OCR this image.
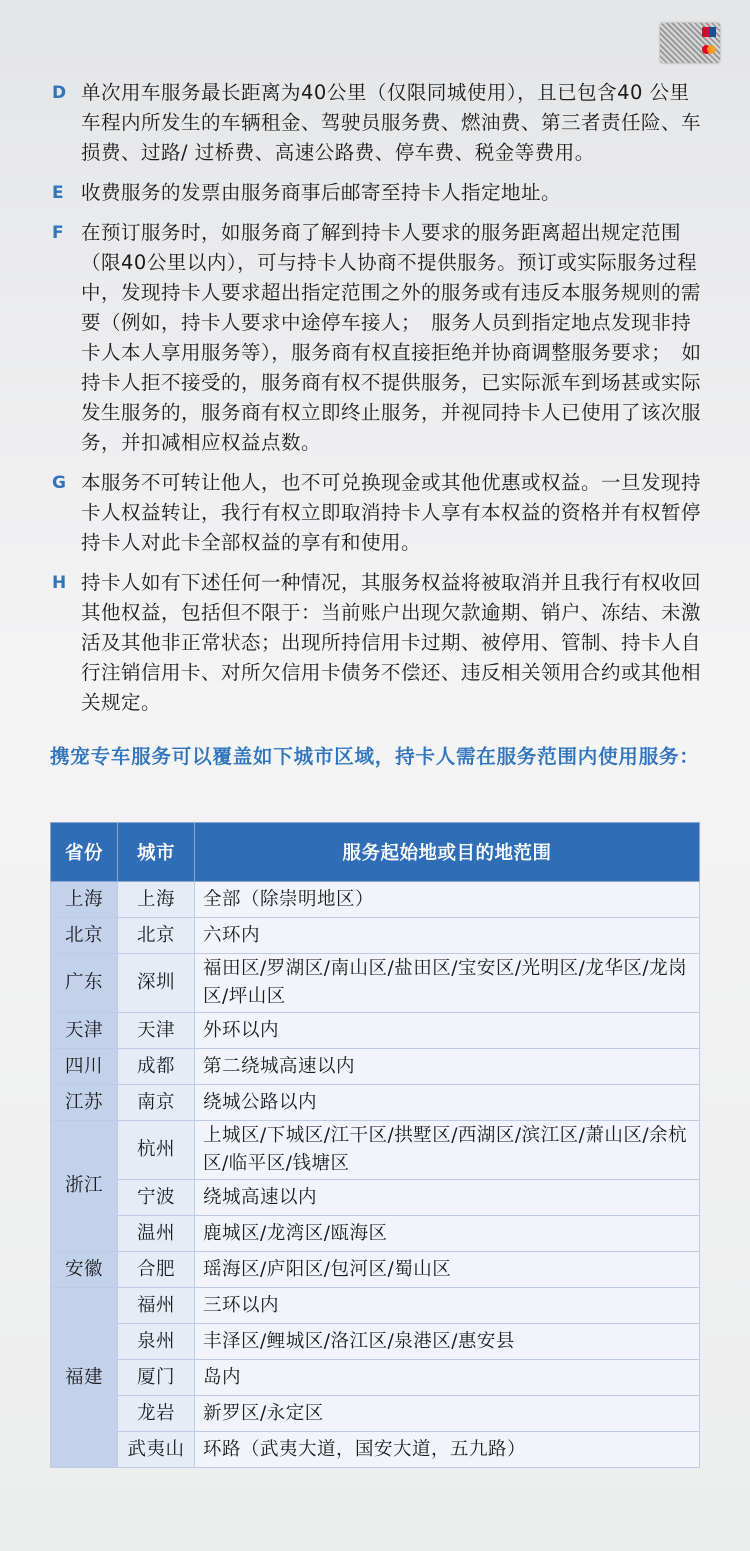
D 单次用车服务最长距离为40公里（仅限同城使用），且已包含40 公里车程内所发生的车辆租金、驾驶员服务费、燃油费、第三者责任险、车损费、过路/ 过桥费、高速公路费、停车费、税金等费用。
E 收费服务的发票由服务商事后邮寄至持卡人指定地址。
F 在预订服务时，如服务商了解到持卡人要求的服务距离超出规定范围（限40公里以内），可与持卡人协商不提供服务。预订或实际服务过程中，发现持卡人要求超出指定范围之外的服务或有违反本服务规则的需要（例如，持卡人要求中途停车接人；　服务人员到指定地点发现非持卡人本人享用服务等），服务商有权直接拒绝并协商调整服务要求；　如持卡人拒不接受的，服务商有权不提供服务，已实际派车到场甚或实际发生服务的，服务商有权立即终止服务，并视同持卡人已使用了该次服务，并扣减相应权益点数。
G 本服务不可转让他人，也不可兑换现金或其他优惠或权益。一旦发现持卡人权益转让，我行有权立即取消持卡人享有本权益的资格并有权暂停持卡人对此卡全部权益的享有和使用。
H 持卡人如有下述任何一种情况，其服务权益将被取消并且我行有权收回其他权益，包括但不限于：当前账户出现欠款逾期、销户、冻结、未激活及其他非正常状态；出现所持信用卡过期、被停用、管制、持卡人自行注销信用卡、对所欠信用卡债务不偿还、违反相关领用合约或其他相关规定。
携宠专车服务可以覆盖如下城市区域，持卡人需在服务范围内使用服务：
省份	城市	服务起始地或目的地范围
上海	上海	全部（除崇明地区）
北京	北京	六环内
广东	深圳	福田区/罗湖区/南山区/盐田区/宝安区/光明区/龙华区/龙岗区/坪山区
天津	天津	外环以内
四川	成都	第二绕城高速以内
江苏	南京	绕城公路以内
浙江	杭州	上城区/下城区/江干区/拱墅区/西湖区/滨江区/萧山区/余杭区/临平区/钱塘区
	宁波	绕城高速以内
	温州	鹿城区/龙湾区/瓯海区
安徽	合肥	瑶海区/庐阳区/包河区/蜀山区
福建	福州	三环以内
	泉州	丰泽区/鲤城区/洛江区/泉港区/惠安县
	厦门	岛内
	龙岩	新罗区/永定区
	武夷山	环路（武夷大道，国安大道，五九路）
